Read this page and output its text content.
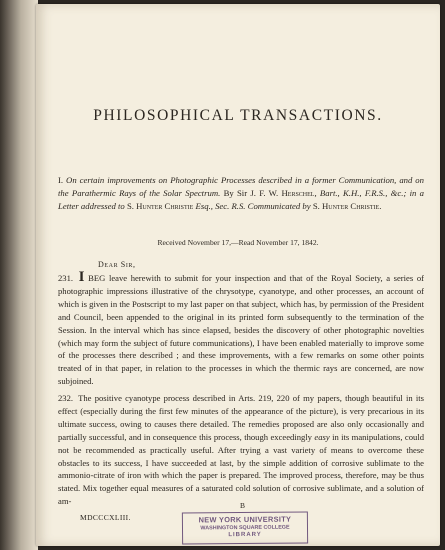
PHILOSOPHICAL TRANSACTIONS.

I. On certain improvements on Photographic Processes described in a former Communication, and on the Parathermic Rays of the Solar Spectrum. By Sir J. F. W. Herschel, Bart., K.H., F.R.S., &c.; in a Letter addressed to S. Hunter Christie Esq., Sec. R.S. Communicated by S. Hunter Christie.

Received November 17,—Read November 17, 1842.

Dear Sir,

231. I BEG leave herewith to submit for your inspection and that of the Royal Society, a series of photographic impressions illustrative of the chrysotype, cyanotype, and other processes, an account of which is given in the Postscript to my last paper on that subject, which has, by permission of the President and Council, been appended to the original in its printed form subsequently to the termination of the Session. In the interval which has since elapsed, besides the discovery of other photographic novelties (which may form the subject of future communications), I have been enabled materially to improve some of the processes there described ; and these improvements, with a few remarks on some other points treated of in that paper, in relation to the processes in which the thermic rays are concerned, are now subjoined.

232. The positive cyanotype process described in Arts. 219, 220 of my papers, though beautiful in its effect (especially during the first few minutes of the appearance of the picture), is very precarious in its ultimate success, owing to causes there detailed. The remedies proposed are also only occasionally and partially successful, and in consequence this process, though exceedingly easy in its manipulations, could not be recommended as practically useful. After trying a vast variety of means to overcome these obstacles to its success, I have succeeded at last, by the simple addition of corrosive sublimate to the ammonio-citrate of iron with which the paper is prepared. The improved process, therefore, may be thus stated. Mix together equal measures of a saturated cold solution of corrosive sublimate, and a solution of am-	B

MDCCCXLIII.	NEW YORK UNIVERSITY
WASHINGTON SQUARE COLLEGE
LIBRARY
